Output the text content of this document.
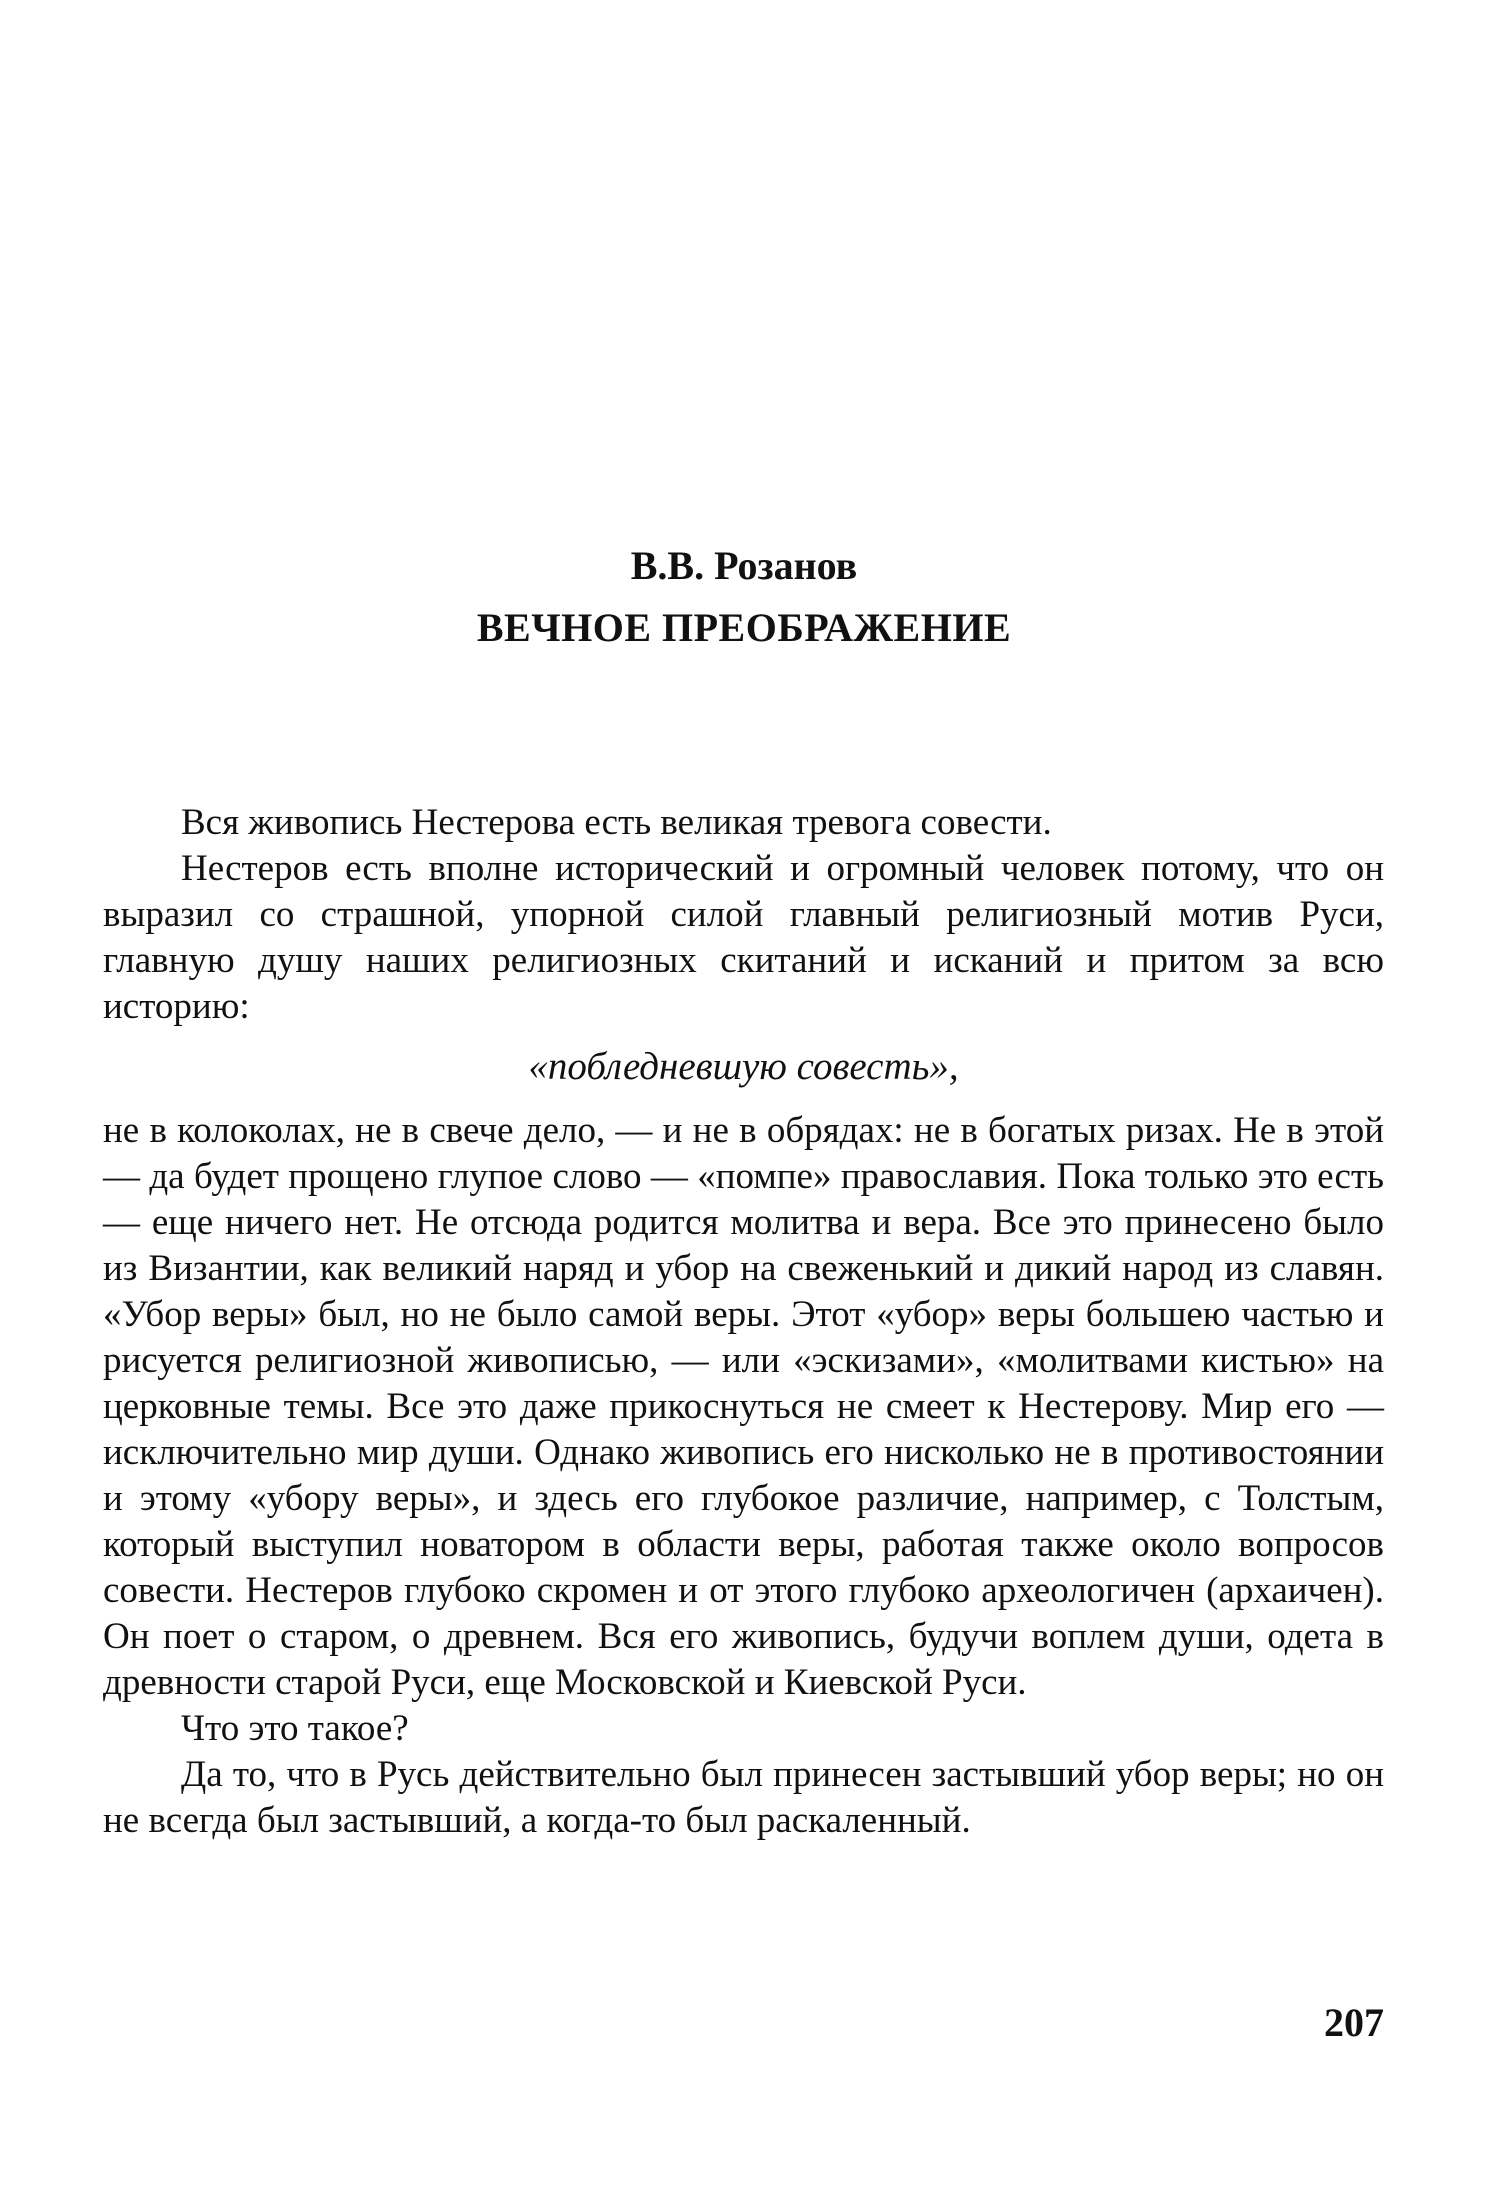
В.В. Розанов
ВЕЧНОЕ ПРЕОБРАЖЕНИЕ

Вся живопись Нестерова есть великая тревога совести.

Нестеров есть вполне исторический и огромный человек потому, что он выразил со страшной, упорной силой главный религиозный мотив Руси, главную душу наших религиозных скитаний и исканий и притом за всю историю:

«побледневшую совесть»,

не в колоколах, не в свече дело, — и не в обрядах: не в богатых ризах. Не в этой — да будет прощено глупое слово — «помпе» православия. Пока только это есть — еще ничего нет. Не отсюда родится молитва и вера. Все это принесено было из Византии, как великий наряд и убор на свеженький и дикий народ из славян. «Убор веры» был, но не было самой веры. Этот «убор» веры большею частью и рисуется религиозной живописью, — или «эскизами», «молитвами кистью» на церковные темы. Все это даже прикоснуться не смеет к Нестерову. Мир его — исключительно мир души. Однако живопись его нисколько не в противостоянии и этому «убору веры», и здесь его глубокое различие, например, с Толстым, который выступил новатором в области веры, работая также около вопросов совести. Нестеров глубоко скромен и от этого глубоко археологичен (архаичен). Он поет о старом, о древнем. Вся его живопись, будучи воплем души, одета в древности старой Руси, еще Московской и Киевской Руси.

Что это такое?

Да то, что в Русь действительно был принесен застывший убор веры; но он не всегда был застывший, а когда-то был раскаленный.

207
